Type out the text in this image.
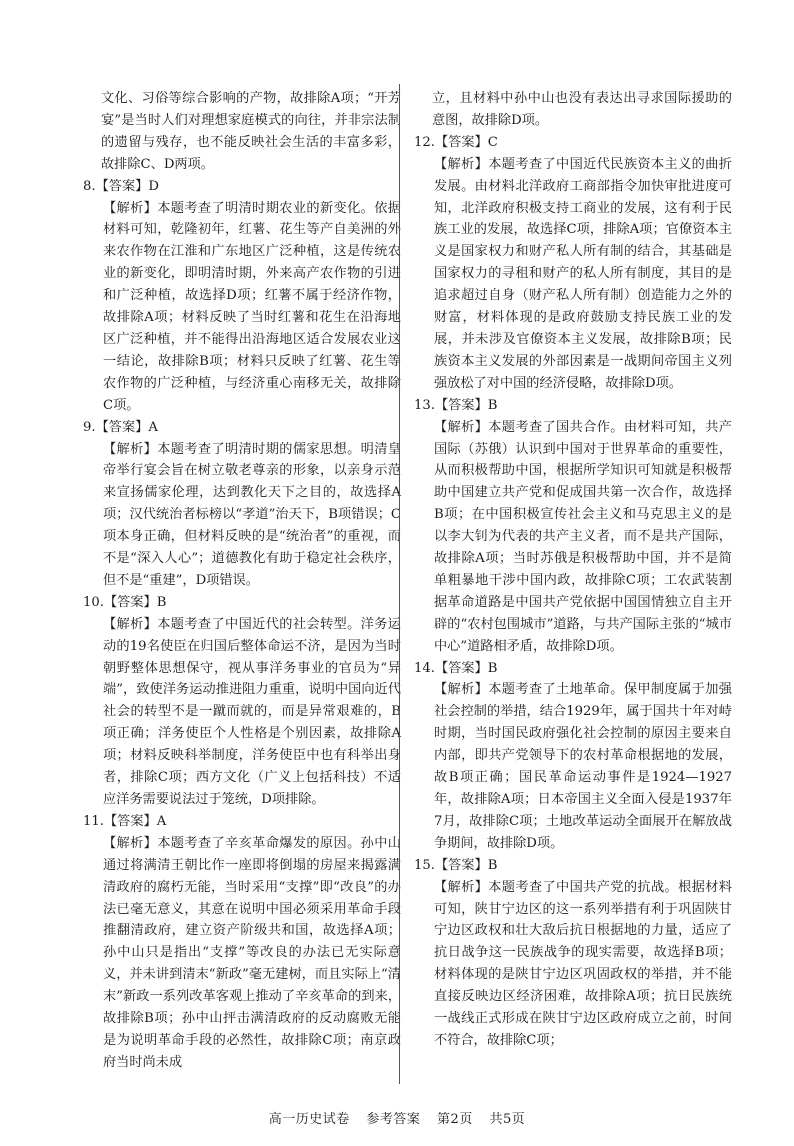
文化、习俗等综合影响的产物，故排除A项；“开芳宴”是当时人们对理想家庭模式的向往，并非宗法制的遗留与残存，也不能反映社会生活的丰富多彩，故排除C、D两项。

8.【答案】D

【解析】本题考查了明清时期农业的新变化。依据材料可知，乾隆初年，红薯、花生等产自美洲的外来农作物在江淮和广东地区广泛种植，这是传统农业的新变化，即明清时期，外来高产农作物的引进和广泛种植，故选择D项；红薯不属于经济作物，故排除A项；材料反映了当时红薯和花生在沿海地区广泛种植，并不能得出沿海地区适合发展农业这一结论，故排除B项；材料只反映了红薯、花生等农作物的广泛种植，与经济重心南移无关，故排除C项。

9.【答案】A

【解析】本题考查了明清时期的儒家思想。明清皇帝举行宴会旨在树立敬老尊亲的形象，以亲身示范来宣扬儒家伦理，达到教化天下之目的，故选择A项；汉代统治者标榜以“孝道”治天下，B项错误；C项本身正确，但材料反映的是“统治者”的重视，而不是“深入人心”；道德教化有助于稳定社会秩序，但不是“重建”，D项错误。

10.【答案】B

【解析】本题考查了中国近代的社会转型。洋务运动的19名使臣在归国后整体命运不济，是因为当时朝野整体思想保守，视从事洋务事业的官员为“异端”，致使洋务运动推进阻力重重，说明中国向近代社会的转型不是一蹴而就的，而是异常艰难的，B项正确；洋务使臣个人性格是个别因素，故排除A项；材料反映科举制度，洋务使臣中也有科举出身者，排除C项；西方文化（广义上包括科技）不适应洋务需要说法过于笼统，D项排除。

11.【答案】A

【解析】本题考查了辛亥革命爆发的原因。孙中山通过将满清王朝比作一座即将倒塌的房屋来揭露满清政府的腐朽无能，当时采用“支撑”即“改良”的办法已毫无意义，其意在说明中国必须采用革命手段推翻清政府，建立资产阶级共和国，故选择A项；孙中山只是指出“支撑”等改良的办法已无实际意义，并未讲到清末“新政”毫无建树，而且实际上“清末”新政一系列改革客观上推动了辛亥革命的到来，故排除B项；孙中山抨击满清政府的反动腐败无能是为说明革命手段的必然性，故排除C项；南京政府当时尚未成

立，且材料中孙中山也没有表达出寻求国际援助的意图，故排除D项。

12.【答案】C

【解析】本题考查了中国近代民族资本主义的曲折发展。由材料北洋政府工商部指令加快审批进度可知，北洋政府积极支持工商业的发展，这有利于民族工业的发展，故选择C项，排除A项；官僚资本主义是国家权力和财产私人所有制的结合，其基础是国家权力的寻租和财产的私人所有制度，其目的是追求超过自身（财产私人所有制）创造能力之外的财富，材料体现的是政府鼓励支持民族工业的发展，并未涉及官僚资本主义发展，故排除B项；民族资本主义发展的外部因素是一战期间帝国主义列强放松了对中国的经济侵略，故排除D项。

13.【答案】B

【解析】本题考查了国共合作。由材料可知，共产国际（苏俄）认识到中国对于世界革命的重要性，从而积极帮助中国，根据所学知识可知就是积极帮助中国建立共产党和促成国共第一次合作，故选择B项；在中国积极宣传社会主义和马克思主义的是以李大钊为代表的共产主义者，而不是共产国际，故排除A项；当时苏俄是积极帮助中国，并不是简单粗暴地干涉中国内政，故排除C项；工农武装割据革命道路是中国共产党依据中国国情独立自主开辟的“农村包围城市”道路，与共产国际主张的“城市中心”道路相矛盾，故排除D项。

14.【答案】B

【解析】本题考查了土地革命。保甲制度属于加强社会控制的举措，结合1929年，属于国共十年对峙时期，当时国民政府强化社会控制的原因主要来自内部，即共产党领导下的农村革命根据地的发展，故B项正确；国民革命运动事件是1924—1927年，故排除A项；日本帝国主义全面入侵是1937年7月，故排除C项；土地改革运动全面展开在解放战争期间，故排除D项。

15.【答案】B

【解析】本题考查了中国共产党的抗战。根据材料可知，陕甘宁边区的这一系列举措有利于巩固陕甘宁边区政权和壮大敌后抗日根据地的力量，适应了抗日战争这一民族战争的现实需要，故选择B项；材料体现的是陕甘宁边区巩固政权的举措，并不能直接反映边区经济困难，故排除A项；抗日民族统一战线正式形成在陕甘宁边区政府成立之前，时间不符合，故排除C项；

高一历史试卷 参考答案 第2页 共5页
